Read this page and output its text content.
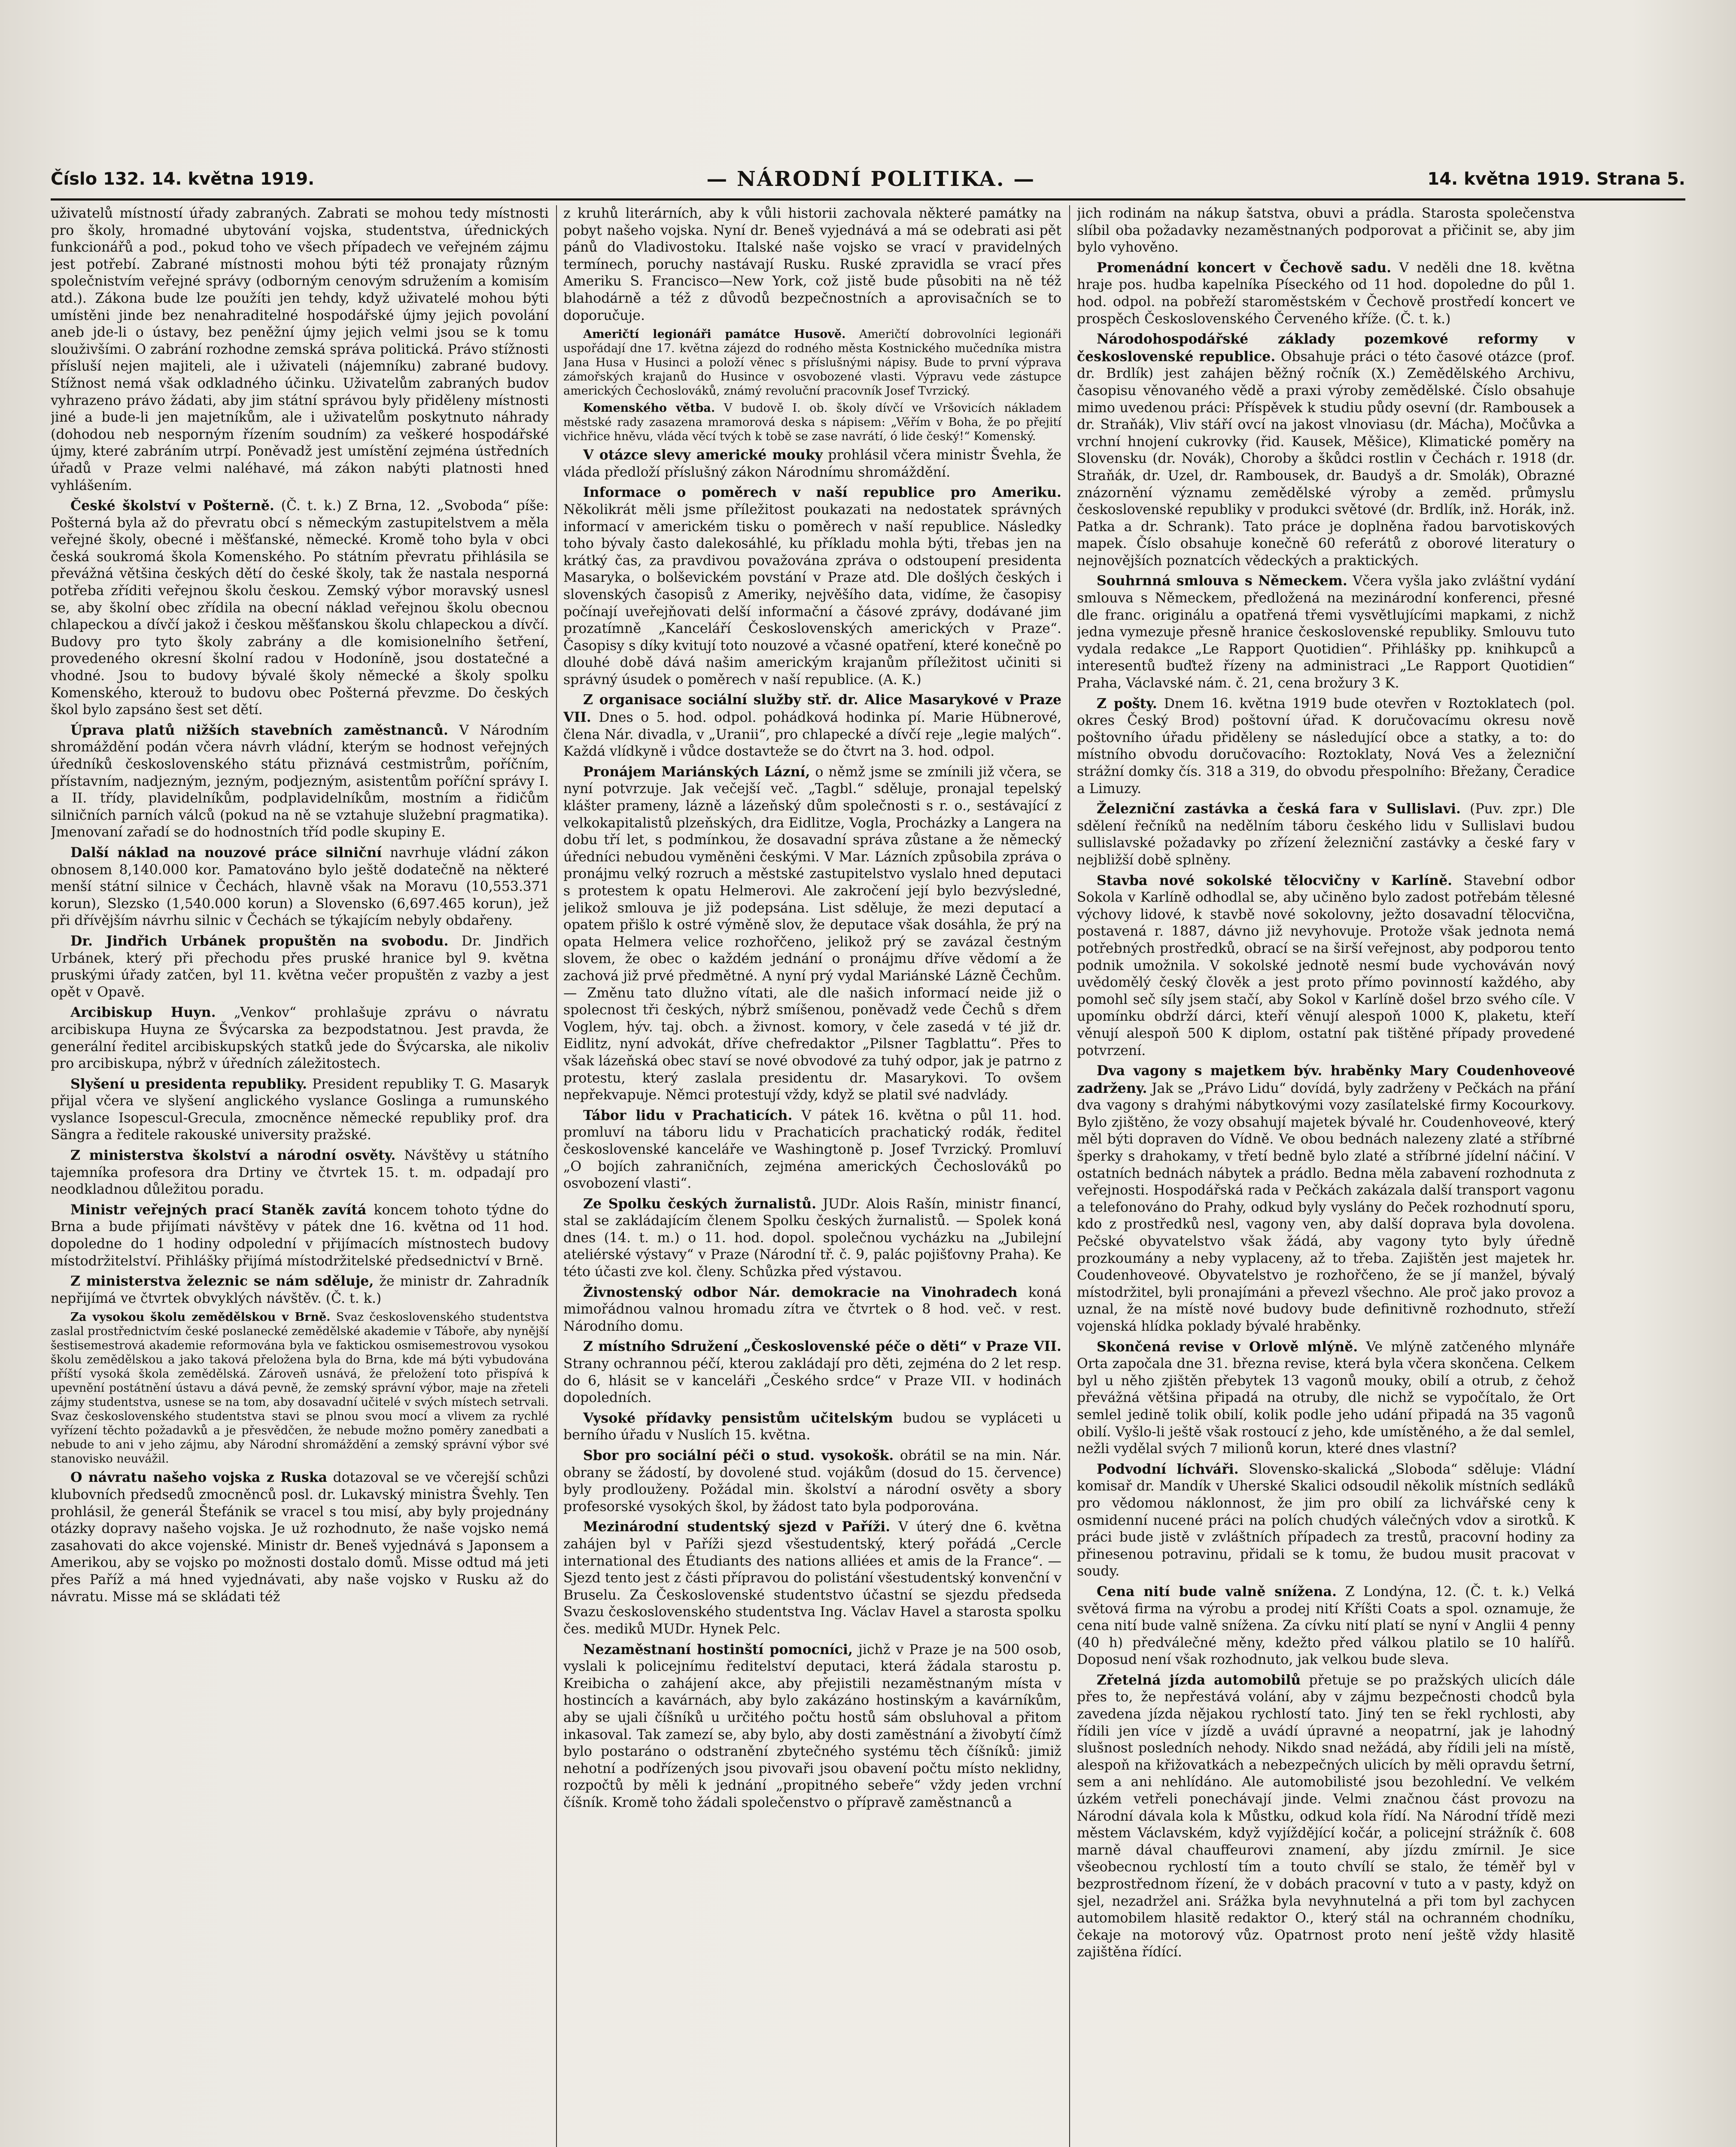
Číslo 132. 14. května 1919.	— NÁRODNÍ POLITIKA. —	14. května 1919. Strana 5.

uživatelů místností úřady zabraných. Zabrati se mohou tedy místnosti pro školy, hromadné ubytování vojska, studentstva, úřednických funkcionářů a pod., pokud toho ve všech případech ve veřejném zájmu jest potřebí. Zabrané místnosti mohou býti též pronajaty různým společnistvím veřejné správy (odborným cenovým sdružením a komisím atd.). Zákona bude lze použíti jen tehdy, když uživatelé mohou býti umístěni jinde bez nenahraditelné hospodářské újmy jejich povolání aneb jde-li o ústavy, bez peněžní újmy jejich velmi jsou se k tomu slouživšími. O zabrání rozhodne zemská správa politická. Právo stížnosti přísluší nejen majiteli, ale i uživateli (nájemníku) zabrané budovy. Stížnost nemá však odkladného účinku. Uživatelům zabraných budov vyhrazeno právo žádati, aby jim státní správou byly přiděleny místnosti jiné a bude-li jen majetníkům, ale i uživatelům poskytnuto náhrady (dohodou neb nesporným řízením soudním) za veškeré hospodářské újmy, které zabráním utrpí. Poněvadž jest umístění zejména ústředních úřadů v Praze velmi naléhavé, má zákon nabýti platnosti hned vyhlášením.

České školství v Pošterně. (Č. t. k.) Z Brna, 12. „Svoboda“ píše: Pošterná byla až do převratu obcí s německým zastupitelstvem a měla veřejné školy, obecné i měšťanské, německé. Kromě toho byla v obci česká soukromá škola Komenského. Po státním převratu přihlásila se převážná většina českých dětí do české školy, tak že nastala nesporná potřeba zříditi veřejnou školu českou. Zemský výbor moravský usnesl se, aby školní obec zřídila na obecní náklad veřejnou školu obecnou chlapeckou a dívčí jakož i českou měšťanskou školu chlapeckou a dívčí. Budovy pro tyto školy zabrány a dle komisionelního šetření, provedeného okresní školní radou v Hodoníně, jsou dostatečné a vhodné. Jsou to budovy bývalé školy německé a školy spolku Komenského, kterouž to budovu obec Pošterná převzme. Do českých škol bylo zapsáno šest set dětí.

Úprava platů nižších stavebních zaměstnanců. V Národním shromáždění podán včera návrh vládní, kterým se hodnost veřejných úředníků československého státu přiznává cestmistrům, poříčním, přístavním, nadjezným, jezným, podjezným, asistentům poříční správy I. a II. třídy, plavidelníkům, podplavidelníkům, mostním a řidičům silničních parních válců (pokud na ně se vztahuje služební pragmatika). Jmenovaní zařadí se do hodnostních tříd podle skupiny E.

Další náklad na nouzové práce silniční navrhuje vládní zákon obnosem 8,140.000 kor. Pamatováno bylo ještě dodatečně na některé menší státní silnice v Čechách, hlavně však na Moravu (10,553.371 korun), Slezsko (1,540.000 korun) a Slovensko (6,697.465 korun), jež při dřívějším návrhu silnic v Čechách se týkajícím nebyly obdařeny.

Dr. Jindřich Urbánek propuštěn na svobodu. Dr. Jindřich Urbánek, který při přechodu přes pruské hranice byl 9. května pruskými úřady zatčen, byl 11. května večer propuštěn z vazby a jest opět v Opavě.

Arcibiskup Huyn. „Venkov“ prohlašuje zprávu o návratu arcibiskupa Huyna ze Švýcarska za bezpodstatnou. Jest pravda, že generální ředitel arcibiskupských statků jede do Švýcarska, ale nikoliv pro arcibiskupa, nýbrž v úředních záležitostech.

Slyšení u presidenta republiky. President republiky T. G. Masaryk přijal včera ve slyšení anglického vyslance Goslinga a rumunského vyslance Isopescul-Grecula, zmocněnce německé republiky prof. dra Sängra a ředitele rakouské university pražské.

Z ministerstva školství a národní osvěty. Návštěvy u státního tajemníka profesora dra Drtiny ve čtvrtek 15. t. m. odpadají pro neodkladnou důležitou poradu.

Ministr veřejných prací Staněk zavítá koncem tohoto týdne do Brna a bude přijímati návštěvy v pátek dne 16. května od 11 hod. dopoledne do 1 hodiny odpolední v přijímacích místnostech budovy místodržitelství. Přihlášky přijímá místodržitelské předsednictví v Brně.

Z ministerstva železnic se nám sděluje, že ministr dr. Zahradník nepřijímá ve čtvrtek obvyklých návštěv. (Č. t. k.)

Za vysokou školu zemědělskou v Brně. Svaz československého studentstva zaslal prostřednictvím české poslanecké zemědělské akademie v Táboře, aby nynější šestisemestrová akademie reformována byla ve faktickou osmisemestrovou vysokou školu zemědělskou a jako taková přeložena byla do Brna, kde má býti vybudována příští vysoká škola zemědělská. Zároveň usnává, že přeložení toto přispívá k upevnění postátnění ústavu a dává pevně, že zemský správní výbor, maje na zřeteli zájmy studentstva, usnese se na tom, aby dosavadní učitelé v svých místech setrvali. Svaz československého studentstva stavi se plnou svou mocí a vlivem za rychlé vyřízení těchto požadavků a je přesvědčen, že nebude možno poměry zanedbati a nebude to ani v jeho zájmu, aby Národní shromáždění a zemský správní výbor své stanovisko neuvážil.

O návratu našeho vojska z Ruska dotazoval se ve včerejší schůzi klubovních předsedů zmocněnců posl. dr. Lukavský ministra Švehly. Ten prohlásil, že generál Štefánik se vracel s tou misí, aby byly projednány otázky dopravy našeho vojska. Je už rozhodnuto, že naše vojsko nemá zasahovati do akce vojenské. Ministr dr. Beneš vyjednává s Japonsem a Amerikou, aby se vojsko po možnosti dostalo domů. Misse odtud má jeti přes Paříž a má hned vyjednávati, aby naše vojsko v Rusku až do návratu. Misse má se skládati též

z kruhů literárních, aby k vůli historii zachovala některé památky na pobyt našeho vojska. Nyní dr. Beneš vyjednává a má se odebrati asi pět pánů do Vladivostoku. Italské naše vojsko se vrací v pravidelných termínech, poruchy nastávají Rusku. Ruské zpravidla se vrací přes Ameriku S. Francisco—New York, což jistě bude působiti na ně též blahodárně a též z důvodů bezpečnostních a aprovisačních se to doporučuje.

Američtí legionáři památce Husově. Američtí dobrovolníci legionáři uspořádají dne 17. května zájezd do rodného města Kostnického mučedníka mistra Jana Husa v Husinci a položí věnec s příslušnými nápisy. Bude to první výprava zámořských krajanů do Husince v osvobozené vlasti. Výpravu vede zástupce amerických Čechoslováků, známý revoluční pracovník Josef Tvrzický.

Komenského větba. V budově I. ob. školy dívčí ve Vršovicích nákladem městské rady zasazena mramorová deska s nápisem: „Věřím v Boha, že po přejití vichřice hněvu, vláda věcí tvých k tobě se zase navrátí, ó lide český!“ Komenský.

V otázce slevy americké mouky prohlásil včera ministr Švehla, že vláda předloží příslušný zákon Národnímu shromáždění.

Informace o poměrech v naší republice pro Ameriku. Několikrát měli jsme příležitost poukazati na nedostatek správných informací v americkém tisku o poměrech v naší republice. Následky toho bývaly často dalekosáhlé, ku příkladu mohla býti, třebas jen na krátký čas, za pravdivou považována zpráva o odstoupení presidenta Masaryka, o bolševickém povstání v Praze atd. Dle došlých českých i slovenských časopisů z Ameriky, nejvěšího data, vidíme, že časopisy počínají uveřejňovati delší informační a čásové zprávy, dodávané jim prozatímně „Kanceláří Československých amerických v Praze“. Časopisy s díky kvitují toto nouzové a včasné opatření, které konečně po dlouhé době dává našim americkým krajanům příležitost učiniti si správný úsudek o poměrech v naší republice. (A. K.)

Z organisace sociální služby stř. dr. Alice Masarykové v Praze VII. Dnes o 5. hod. odpol. pohádková hodinka pí. Marie Hübnerové, člena Nár. divadla, v „Uranii“, pro chlapecké a dívčí reje „legie malých“. Každá vlídkyně i vůdce dostavteže se do čtvrt na 3. hod. odpol.

Pronájem Mariánských Lázní, o němž jsme se zmínili již včera, se nyní potvrzuje. Jak večejší več. „Tagbl.“ sděluje, pronajal tepelský klášter prameny, lázně a lázeňský dům společnosti s r. o., sestávající z velkokapitalistů plzeňských, dra Eidlitze, Vogla, Procházky a Langera na dobu tří let, s podmínkou, že dosavadní správa zůstane a že německý úředníci nebudou vyměněni českými. V Mar. Lázních způsobila zpráva o pronájmu velký rozruch a městské zastupitelstvo vyslalo hned deputaci s protestem k opatu Helmerovi. Ale zakročení její bylo bezvýsledné, jelikož smlouva je již podepsána. List sděluje, že mezi deputací a opatem přišlo k ostré výměně slov, že deputace však dosáhla, že prý na opata Helmera velice rozhořčeno, jelikož prý se zavázal čestným slovem, že obec o každém jednání o pronájmu dříve vědomí a že zachová již prvé předmětné. A nyní prý vydal Mariánské Lázně Čechům. — Změnu tato dlužno vítati, ale dle našich informací neide již o spolecnost tři českých, nýbrž smíšenou, poněvadž vede Čechů s dřem Voglem, hýv. taj. obch. a živnost. komory, v čele zasedá v té již dr. Eidlitz, nyní advokát, dříve chefredaktor „Pilsner Tagblattu“. Přes to však lázeňská obec staví se nové obvodové za tuhý odpor, jak je patrno z protestu, který zaslala presidentu dr. Masarykovi. To ovšem nepřekvapuje. Němci protestují vždy, když se platil své nadvlády.

Tábor lidu v Prachaticích. V pátek 16. května o půl 11. hod. promluví na táboru lidu v Prachaticích prachatický rodák, ředitel československé kanceláře ve Washingtoně p. Josef Tvrzický. Promluví „O bojích zahraničních, zejména amerických Čechoslováků po osvobození vlasti“.

Ze Spolku českých žurnalistů. JUDr. Alois Rašín, ministr financí, stal se zakládajícím členem Spolku českých žurnalistů. — Spolek koná dnes (14. t. m.) o 11. hod. dopol. společnou vycházku na „Jubilejní ateliérské výstavy“ v Praze (Národní tř. č. 9, palác pojišťovny Praha). Ke této účasti zve kol. členy. Schůzka před výstavou.

Živnostenský odbor Nár. demokracie na Vinohradech koná mimořádnou valnou hromadu zítra ve čtvrtek o 8 hod. več. v rest. Národního domu.

Z místního Sdružení „Československé péče o děti“ v Praze VII. Strany ochrannou péčí, kterou zakládají pro děti, zejména do 2 let resp. do 6, hlásit se v kanceláři „Českého srdce“ v Praze VII. v hodinách dopoledních.

Vysoké přídavky pensistům učitelským budou se vypláceti u berního úřadu v Nuslích 15. května.

Sbor pro sociální péči o stud. vysokošk. obrátil se na min. Nár. obrany se žádostí, by dovolené stud. vojákům (dosud do 15. července) byly prodlouženy. Požádal min. školství a národní osvěty a sbory profesorské vysokých škol, by žádost tato byla podporována.

Mezinárodní studentský sjezd v Paříži. V úterý dne 6. května zahájen byl v Paříži sjezd všestudentský, který pořádá „Cercle international des Étudiants des nations alliées et amis de la France“. — Sjezd tento jest z části přípravou do polistání všestudentský konvenční v Bruselu. Za Československé studentstvo účastní se sjezdu předseda Svazu československého studentstva Ing. Václav Havel a starosta spolku čes. mediků MUDr. Hynek Pelc.

Nezaměstnaní hostinští pomocníci, jichž v Praze je na 500 osob, vyslali k policejnímu ředitelství deputaci, která žádala starostu p. Kreibicha o zahájení akce, aby přejistili nezaměstnaným místa v hostincích a kavárnách, aby bylo zakázáno hostinským a kavárníkům, aby se ujali číšníků u určitého počtu hostů sám obsluhoval a přitom inkasoval. Tak zamezí se, aby bylo, aby dosti zaměstnání a živobytí čímž bylo postaráno o odstranění zbytečného systému těch číšníků: jimiž nehotní a podřízených jsou pivovaři jsou obavení počtu místo neklidny, rozpočtů by měli k jednání „propitného sebeře“ vždy jeden vrchní číšník. Kromě toho žádali společenstvo o přípravě zaměstnanců a

jich rodinám na nákup šatstva, obuvi a prádla. Starosta společenstva slíbil oba požadavky nezaměstnaných podporovat a přičinit se, aby jim bylo vyhověno.

Promenádní koncert v Čechově sadu. V neděli dne 18. května hraje pos. hudba kapelníka Píseckého od 11 hod. dopoledne do půl 1. hod. odpol. na pobřeží staroměstském v Čechově prostředí koncert ve prospěch Československého Červeného kříže. (Č. t. k.)

Národohospodářské základy pozemkové reformy v československé republice. Obsahuje práci o této časové otázce (prof. dr. Brdlík) jest zahájen běžný ročník (X.) Zemědělského Archivu, časopisu věnovaného vědě a praxi výroby zemědělské. Číslo obsahuje mimo uvedenou práci: Příspěvek k studiu půdy osevní (dr. Rambousek a dr. Straňák), Vliv stáří ovcí na jakost vlnoviasu (dr. Mácha), Močůvka a vrchní hnojení cukrovky (řid. Kausek, Měšice), Klimatické poměry na Slovensku (dr. Novák), Choroby a škůdci rostlin v Čechách r. 1918 (dr. Straňák, dr. Uzel, dr. Rambousek, dr. Baudyš a dr. Smolák), Obrazné znázornění významu zemědělské výroby a zeměd. průmyslu československé republiky v produkci světové (dr. Brdlík, inž. Horák, inž. Patka a dr. Schrank). Tato práce je doplněna řadou barvotiskových mapek. Číslo obsahuje konečně 60 referátů z oborové literatury o nejnovějších poznatcích vědeckých a praktických.

Souhrnná smlouva s Německem. Včera vyšla jako zvláštní vydání smlouva s Německem, předložená na mezinárodní konferenci, přesné dle franc. originálu a opatřená třemi vysvětlujícími mapkami, z nichž jedna vymezuje přesně hranice československé republiky. Smlouvu tuto vydala redakce „Le Rapport Quotidien“. Přihlášky pp. knihkupců a interesentů buďtež řízeny na administraci „Le Rapport Quotidien“ Praha, Václavské nám. č. 21, cena brožury 3 K.

Z pošty. Dnem 16. května 1919 bude otevřen v Roztoklatech (pol. okres Český Brod) poštovní úřad. K doručovacímu okresu nově poštovního úřadu přiděleny se následující obce a statky, a to: do místního obvodu doručovacího: Roztoklaty, Nová Ves a železniční strážní domky čís. 318 a 319, do obvodu přespolního: Břežany, Čeradice a Limuzy.

Železniční zastávka a česká fara v Sullislavi. (Puv. zpr.) Dle sdělení řečníků na nedělním táboru českého lidu v Sullislavi budou sullislavské požadavky po zřízení železniční zastávky a české fary v nejbližší době splněny.

Stavba nové sokolské tělocvičny v Karlíně. Stavební odbor Sokola v Karlíně odhodlal se, aby učiněno bylo zadost potřebám tělesné výchovy lidové, k stavbě nové sokolovny, ježto dosavadní tělocvična, postavená r. 1887, dávno již nevyhovuje. Protože však jednota nemá potřebných prostředků, obrací se na širší veřejnost, aby podporou tento podnik umožnila. V sokolské jednotě nesmí bude vychováván nový uvědomělý český člověk a jest proto přímo povinností každého, aby pomohl seč síly jsem stačí, aby Sokol v Karlíně došel brzo svého cíle. V upomínku obdrží dárci, kteří věnují alespoň 1000 K, plaketu, kteří věnují alespoň 500 K diplom, ostatní pak tištěné případy provedené potvrzení.

Dva vagony s majetkem býv. hraběnky Mary Coudenhoveové zadrženy. Jak se „Právo Lidu“ dovídá, byly zadrženy v Pečkách na přání dva vagony s drahými nábytkovými vozy zasílatelské firmy Kocourkovy. Bylo zjištěno, že vozy obsahují majetek bývalé hr. Coudenhoveové, který měl býti dopraven do Vídně. Ve obou bednách nalezeny zlaté a stříbrné šperky s drahokamy, v třetí bedně bylo zlaté a stříbrné jídelní náčiní. V ostatních bednách nábytek a prádlo. Bedna měla zabavení rozhodnuta z veřejnosti. Hospodářská rada v Pečkách zakázala další transport vagonu a telefonováno do Prahy, odkud byly vyslány do Peček rozhodnutí sporu, kdo z prostředků nesl, vagony ven, aby další doprava byla dovolena. Pečské obyvatelstvo však žádá, aby vagony tyto byly úředně prozkoumány a neby vyplaceny, až to třeba. Zajištěn jest majetek hr. Coudenhoveové. Obyvatelstvo je rozhořčeno, že se jí manžel, bývalý místodržitel, byli pronajímáni a převezl všechno. Ale proč jako provoz a uznal, že na místě nové budovy bude definitivně rozhodnuto, střeží vojenská hlídka poklady bývalé hraběnky.

Skončená revise v Orlově mlýně. Ve mlýně zatčeného mlynáře Orta započala dne 31. března revise, která byla včera skončena. Celkem byl u něho zjištěn přebytek 13 vagonů mouky, obilí a otrub, z čehož převážná většina připadá na otruby, dle nichž se vypočítalo, že Ort semlel jedině tolik obilí, kolik podle jeho udání připadá na 35 vagonů obilí. Vyšlo-li ještě však rostoucí z jeho, kde umístěného, a že dal semlel, nežli vydělal svých 7 milionů korun, které dnes vlastní?

Podvodní líchváři. Slovensko-skalická „Sloboda“ sděluje: Vládní komisař dr. Mandík v Uherské Skalici odsoudil několik místních sedláků pro vědomou náklonnost, že jim pro obilí za lichvářské ceny k osmidenní nucené práci na polích chudých válečných vdov a sirotků. K práci bude jistě v zvláštních případech za trestů, pracovní hodiny za přinesenou potravinu, přidali se k tomu, že budou musit pracovat v soudy.

Cena nití bude valně snížena. Z Londýna, 12. (Č. t. k.) Velká světová firma na výrobu a prodej nití Kříšti Coats a spol. oznamuje, že cena nití bude valně snížena. Za cívku nití platí se nyní v Anglii 4 penny (40 h) předválečné měny, kdežto před válkou platilo se 10 halířů. Doposud není však rozhodnuto, jak velkou bude sleva.

Zřetelná jízda automobilů přetuje se po pražských ulicích dále přes to, že nepřestává volání, aby v zájmu bezpečnosti chodců byla zavedena jízda nějakou rychlostí tato. Jiný ten se řekl rychlosti, aby řídili jen více v jízdě a uvádí úpravné a neopatrní, jak je lahodný slušnost posledních nehody. Nikdo snad nežádá, aby řídili jeli na místě, alespoň na křižovatkách a nebezpečných ulicích by měli opravdu šetrní, sem a ani nehlídáno. Ale automobilisté jsou bezohlední. Ve velkém úzkém vetřeli ponechávají jinde. Velmi značnou část provozu na Národní dávala kola k Můstku, odkud kola řídí. Na Národní třídě mezi městem Václavském, když vyjíždějící kočár, a policejní strážník č. 608 marně dával chauffeurovi znamení, aby jízdu zmírnil. Je sice všeobecnou rychlostí tím a touto chvílí se stalo, že téměř byl v bezprostřednom řízení, že v dobách pracovní v tuto a v pasty, když on sjel, nezadržel ani. Srážka byla nevyhnutelná a při tom byl zachycen automobilem hlasitě redaktor O., který stál na ochranném chodníku, čekaje na motorový vůz. Opatrnost proto není ještě vždy hlasitě zajištěna řídící.
